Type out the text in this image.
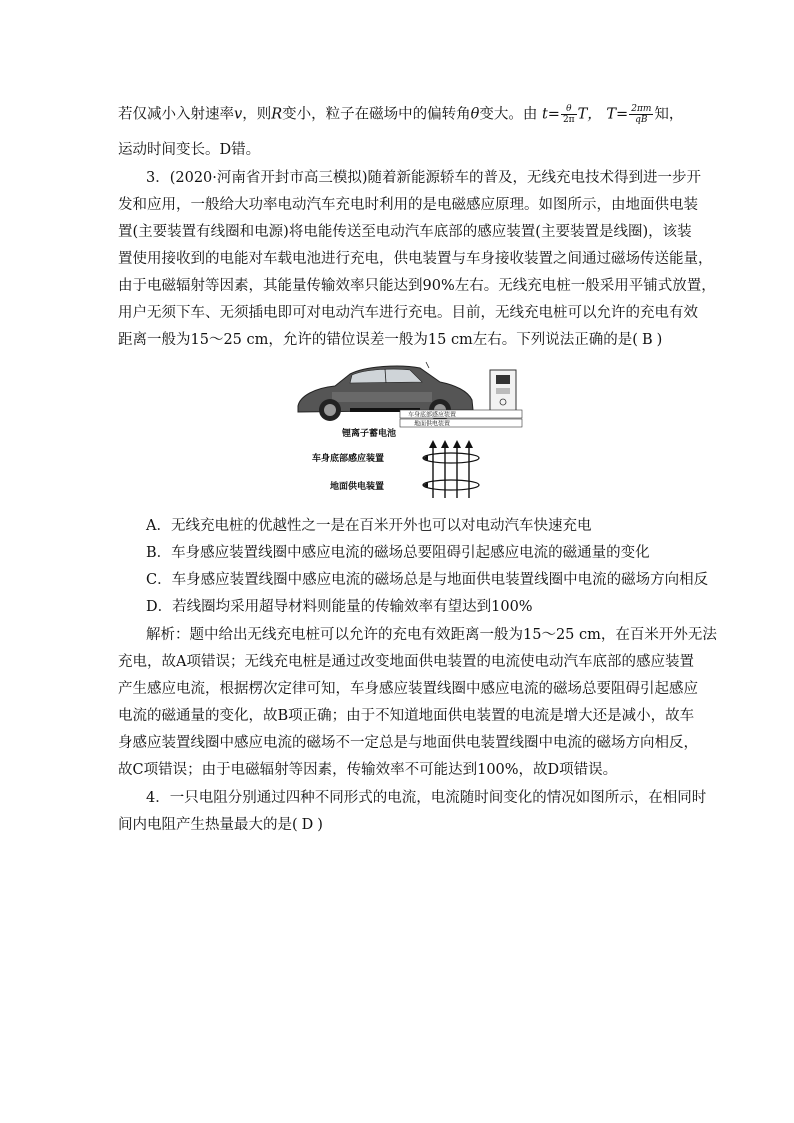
若仅减小入射速率v，则R变小，粒子在磁场中的偏转角θ变大。由 $t= \frac{\theta}{2\pi}$ T， $T= \frac{2\pi m}{qB}$ 知，
运动时间变长。D错。
3．(2020·河南省开封市高三模拟)随着新能源轿车的普及，无线充电技术得到进一步开
发和应用，一般给大功率电动汽车充电时利用的是电磁感应原理。如图所示，由地面供电装
置(主要装置有线圈和电源)将电能传送至电动汽车底部的感应装置(主要装置是线圈)，该装
置使用接收到的电能对车载电池进行充电，供电装置与车身接收装置之间通过磁场传送能量，
由于电磁辐射等因素，其能量传输效率只能达到90%左右。无线充电桩一般采用平铺式放置，
用户无须下车、无须插电即可对电动汽车进行充电。目前，无线充电桩可以允许的充电有效
距离一般为15～25 cm，允许的错位误差一般为15 cm左右。下列说法正确的是( B )
车身底部感应装置
地面供电装置
锂离子蓄电池
车身底部感应装置
地面供电装置
A．无线充电桩的优越性之一是在百米开外也可以对电动汽车快速充电
B．车身感应装置线圈中感应电流的磁场总要阻碍引起感应电流的磁通量的变化
C．车身感应装置线圈中感应电流的磁场总是与地面供电装置线圈中电流的磁场方向相反
D．若线圈均采用超导材料则能量的传输效率有望达到100%
解析：题中给出无线充电桩可以允许的充电有效距离一般为15～25 cm，在百米开外无法
充电，故A项错误；无线充电桩是通过改变地面供电装置的电流使电动汽车底部的感应装置
产生感应电流，根据楞次定律可知，车身感应装置线圈中感应电流的磁场总要阻碍引起感应
电流的磁通量的变化，故B项正确；由于不知道地面供电装置的电流是增大还是减小，故车
身感应装置线圈中感应电流的磁场不一定总是与地面供电装置线圈中电流的磁场方向相反，
故C项错误；由于电磁辐射等因素，传输效率不可能达到100%，故D项错误。
4．一只电阻分别通过四种不同形式的电流，电流随时间变化的情况如图所示，在相同时
间内电阻产生热量最大的是( D )
